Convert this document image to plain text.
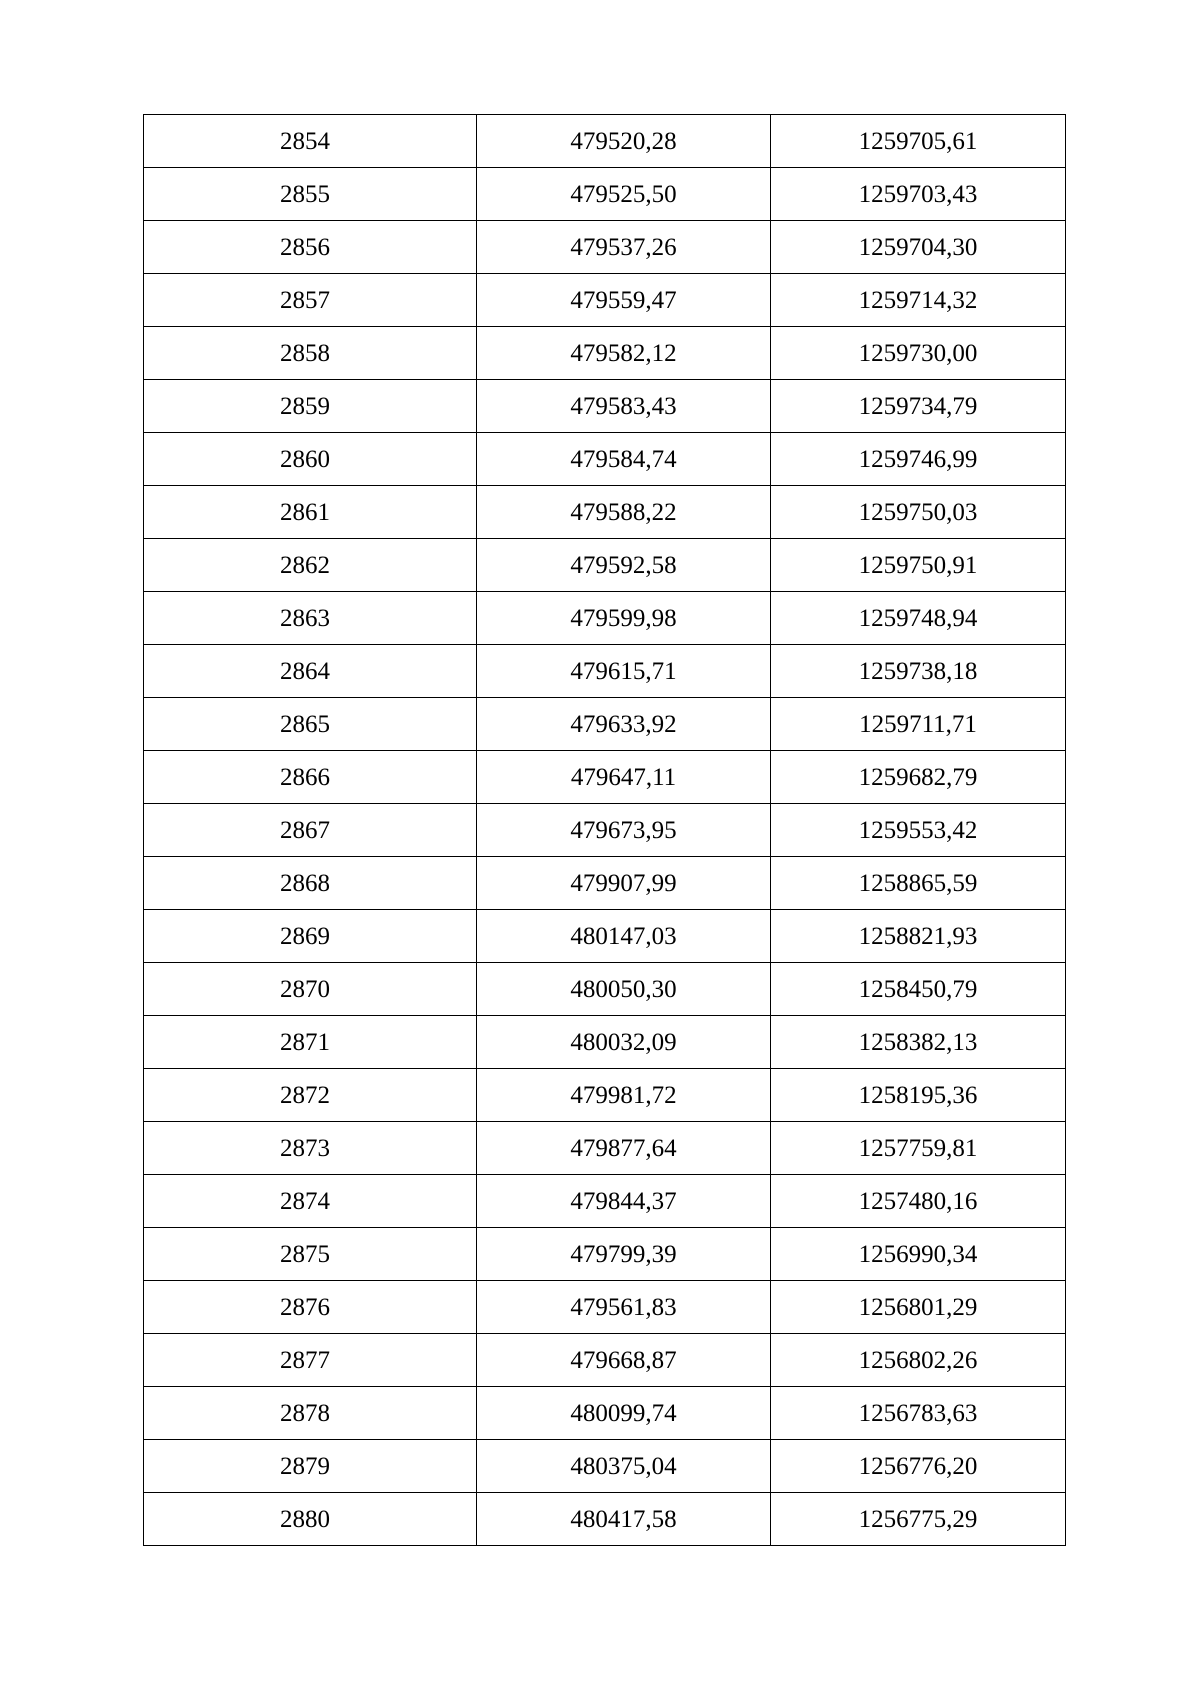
2854	479520,28	1259705,61
2855	479525,50	1259703,43
2856	479537,26	1259704,30
2857	479559,47	1259714,32
2858	479582,12	1259730,00
2859	479583,43	1259734,79
2860	479584,74	1259746,99
2861	479588,22	1259750,03
2862	479592,58	1259750,91
2863	479599,98	1259748,94
2864	479615,71	1259738,18
2865	479633,92	1259711,71
2866	479647,11	1259682,79
2867	479673,95	1259553,42
2868	479907,99	1258865,59
2869	480147,03	1258821,93
2870	480050,30	1258450,79
2871	480032,09	1258382,13
2872	479981,72	1258195,36
2873	479877,64	1257759,81
2874	479844,37	1257480,16
2875	479799,39	1256990,34
2876	479561,83	1256801,29
2877	479668,87	1256802,26
2878	480099,74	1256783,63
2879	480375,04	1256776,20
2880	480417,58	1256775,29
